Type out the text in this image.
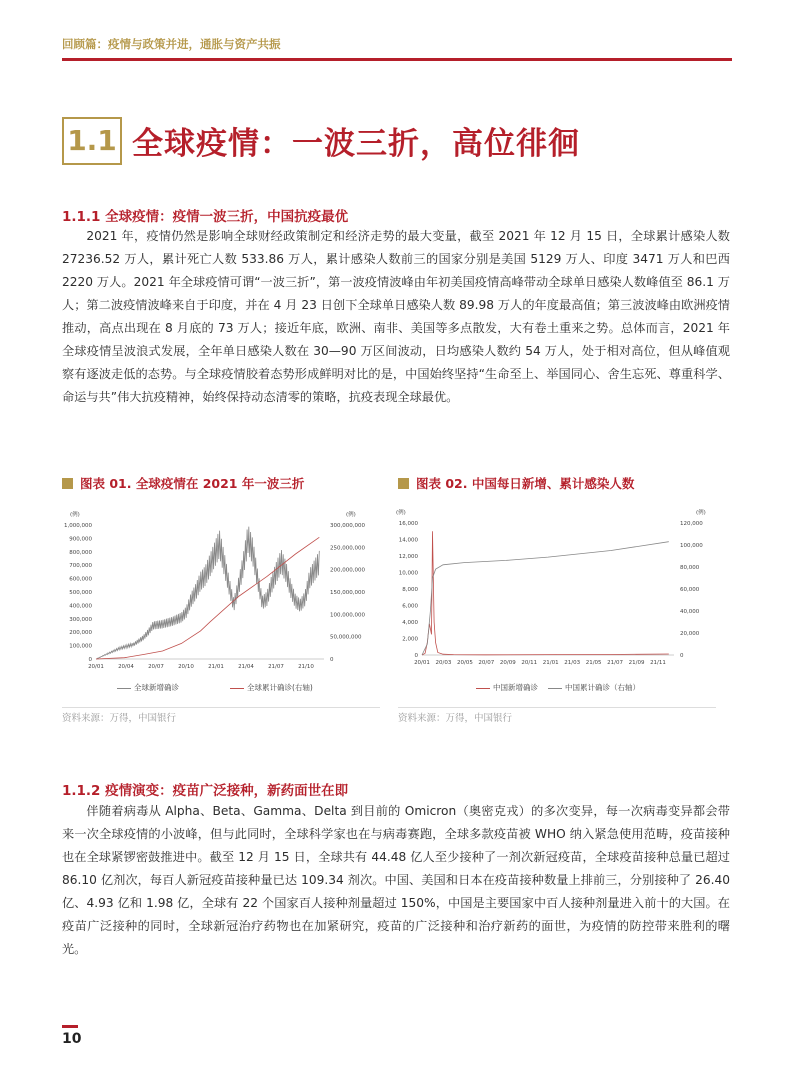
回顾篇：疫情与政策并进，通胀与资产共振
1.1 全球疫情：一波三折，高位徘徊
1.1.1 全球疫情：疫情一波三折，中国抗疫最优
2021 年，疫情仍然是影响全球财经政策制定和经济走势的最大变量，截至 2021 年 12 月 15 日，全球累计感染人数 27236.52 万人，累计死亡人数 533.86 万人，累计感染人数前三的国家分别是美国 5129 万人、印度 3471 万人和巴西 2220 万人。2021 年全球疫情可谓“一波三折”，第一波疫情波峰由年初美国疫情高峰带动全球单日感染人数峰值至 86.1 万人；第二波疫情波峰来自于印度，并在 4 月 23 日创下全球单日感染人数 89.98 万人的年度最高值；第三波波峰由欧洲疫情推动，高点出现在 8 月底的 73 万人；接近年底，欧洲、南非、美国等多点散发，大有卷土重来之势。总体而言，2021 年全球疫情呈波浪式发展，全年单日感染人数在 30—90 万区间波动，日均感染人数约 54 万人，处于相对高位，但从峰值观察有逐波走低的态势。与全球疫情胶着态势形成鲜明对比的是，中国始终坚持“生命至上、举国同心、舍生忘死、尊重科学、命运与共”伟大抗疫精神，始终保持动态清零的策略，抗疫表现全球最优。
图表 01. 全球疫情在 2021 年一波三折
(例)	(例)
1,000,000
900,000
800,000
700,000
600,000
500,000
400,000
300,000
200,000
100,000
0
300,000,000
250,000,000
200,000,000
150,000,000
100,000,000
50,000,000
0
20/01	20/04	20/07	20/10	21/01	21/04	21/07	21/10
全球新增确诊	全球累计确诊(右轴)
资料来源：万得，中国银行
图表 02. 中国每日新增、累计感染人数
(例)	(例)
16,000
14,000
12,000
10,000
8,000
6,000
4,000
2,000
0
120,000
100,000
80,000
60,000
40,000
20,000
0
20/01 20/03 20/05 20/07 20/09 20/11 21/01 21/03 21/05 21/07 21/09 21/11
中国新增确诊	中国累计确诊（右轴）
资料来源：万得，中国银行
1.1.2 疫情演变：疫苗广泛接种，新药面世在即
伴随着病毒从 Alpha、Beta、Gamma、Delta 到目前的 Omicron（奥密克戎）的多次变异，每一次病毒变异都会带来一次全球疫情的小波峰，但与此同时，全球科学家也在与病毒赛跑，全球多款疫苗被 WHO 纳入紧急使用范畴，疫苗接种也在全球紧锣密鼓推进中。截至 12 月 15 日，全球共有 44.48 亿人至少接种了一剂次新冠疫苗，全球疫苗接种总量已超过 86.10 亿剂次，每百人新冠疫苗接种量已达 109.34 剂次。中国、美国和日本在疫苗接种数量上排前三，分别接种了 26.40 亿、4.93 亿和 1.98 亿，全球有 22 个国家百人接种剂量超过 150%，中国是主要国家中百人接种剂量进入前十的大国。在疫苗广泛接种的同时，全球新冠治疗药物也在加紧研究，疫苗的广泛接种和治疗新药的面世，为疫情的防控带来胜利的曙光。
10
